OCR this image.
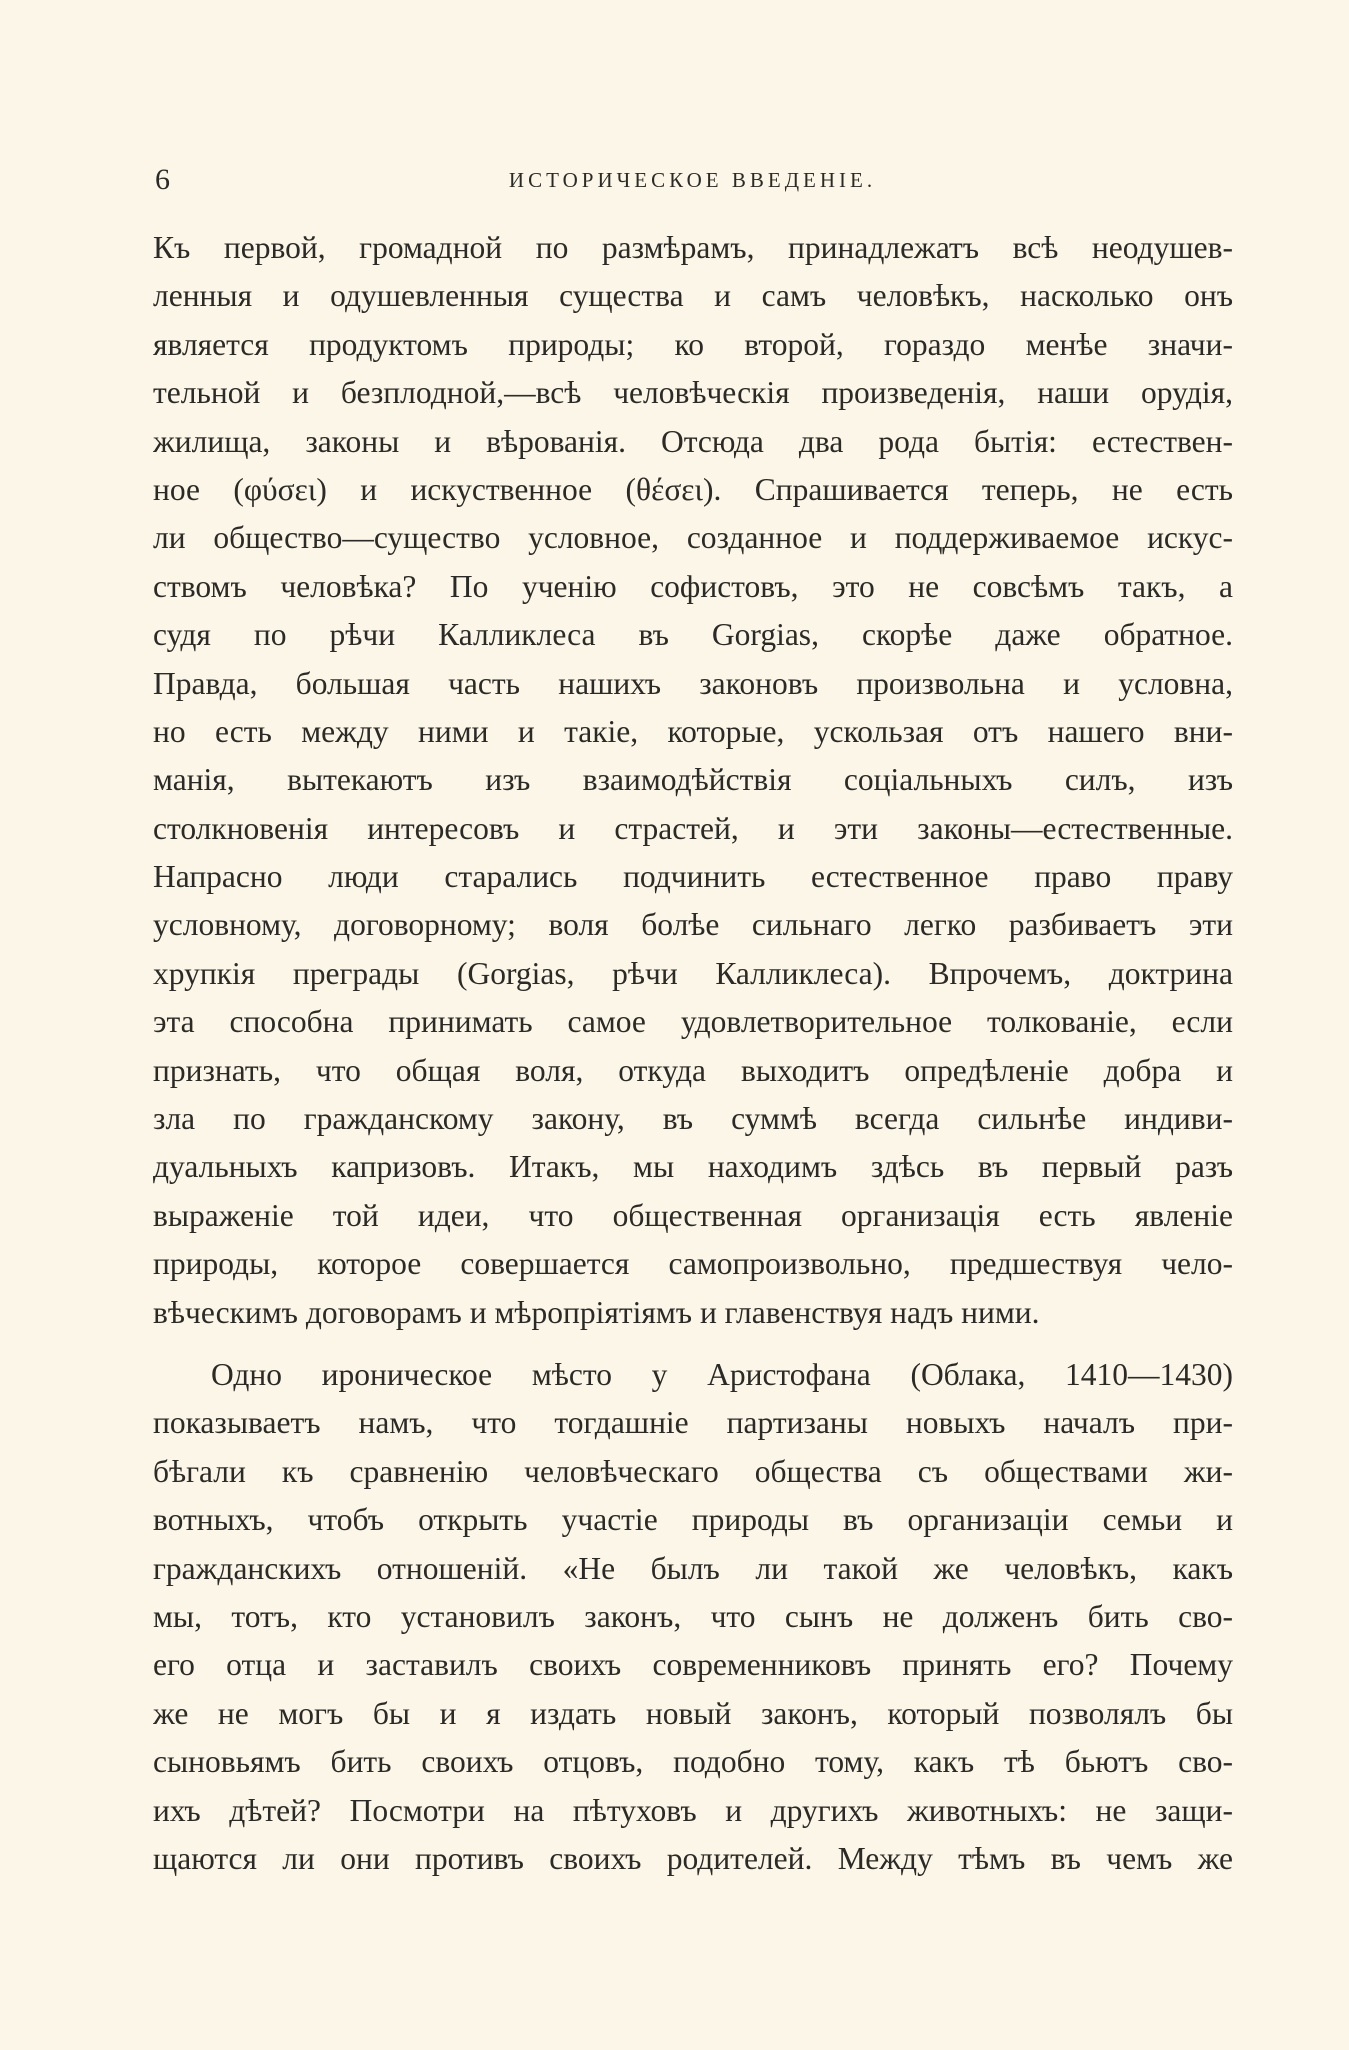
6	ИСТОРИЧЕСКОЕ ВВЕДЕНІЕ.
Къ первой, громадной по размѣрамъ, принадлежатъ всѣ неодушев-
ленныя и одушевленныя существа и самъ человѣкъ, насколько онъ
является продуктомъ природы; ко второй, гораздо менѣе значи-
тельной и безплодной,—всѣ человѣческія произведенія, наши орудія,
жилища, законы и вѣрованія. Отсюда два рода бытія: естествен-
ное (φύσει) и искуственное (θέσει). Спрашивается теперь, не есть
ли общество—существо условное, созданное и поддерживаемое искус-
ствомъ человѣка? По ученію софистовъ, это не совсѣмъ такъ, а
судя по рѣчи Калликлеса въ Gorgias, скорѣе даже обратное.
Правда, большая часть нашихъ законовъ произвольна и условна,
но есть между ними и такіе, которые, ускользая отъ нашего вни-
манія, вытекаютъ изъ взаимодѣйствія соціальныхъ силъ, изъ
столкновенія интересовъ и страстей, и эти законы—естественные.
Напрасно люди старались подчинить естественное право праву
условному, договорному; воля болѣе сильнаго легко разбиваетъ эти
хрупкія преграды (Gorgias, рѣчи Калликлеса). Впрочемъ, доктрина
эта способна принимать самое удовлетворительное толкованіе, если
признать, что общая воля, откуда выходитъ опредѣленіе добра и
зла по гражданскому закону, въ суммѣ всегда сильнѣе индиви-
дуальныхъ капризовъ. Итакъ, мы находимъ здѣсь въ первый разъ
выраженіе той идеи, что общественная организація есть явленіе
природы, которое совершается самопроизвольно, предшествуя чело-
вѣческимъ договорамъ и мѣропріятіямъ и главенствуя надъ ними.
Одно ироническое мѣсто у Аристофана (Облака, 1410—1430)
показываетъ намъ, что тогдашніе партизаны новыхъ началъ при-
бѣгали къ сравненію человѣческаго общества съ обществами жи-
вотныхъ, чтобъ открыть участіе природы въ организаціи семьи и
гражданскихъ отношеній. «Не былъ ли такой же человѣкъ, какъ
мы, тотъ, кто установилъ законъ, что сынъ не долженъ бить сво-
его отца и заставилъ своихъ современниковъ принять его? Почему
же не могъ бы и я издать новый законъ, который позволялъ бы
сыновьямъ бить своихъ отцовъ, подобно тому, какъ тѣ бьютъ сво-
ихъ дѣтей? Посмотри на пѣтуховъ и другихъ животныхъ: не защи-
щаются ли они противъ своихъ родителей. Между тѣмъ въ чемъ же
